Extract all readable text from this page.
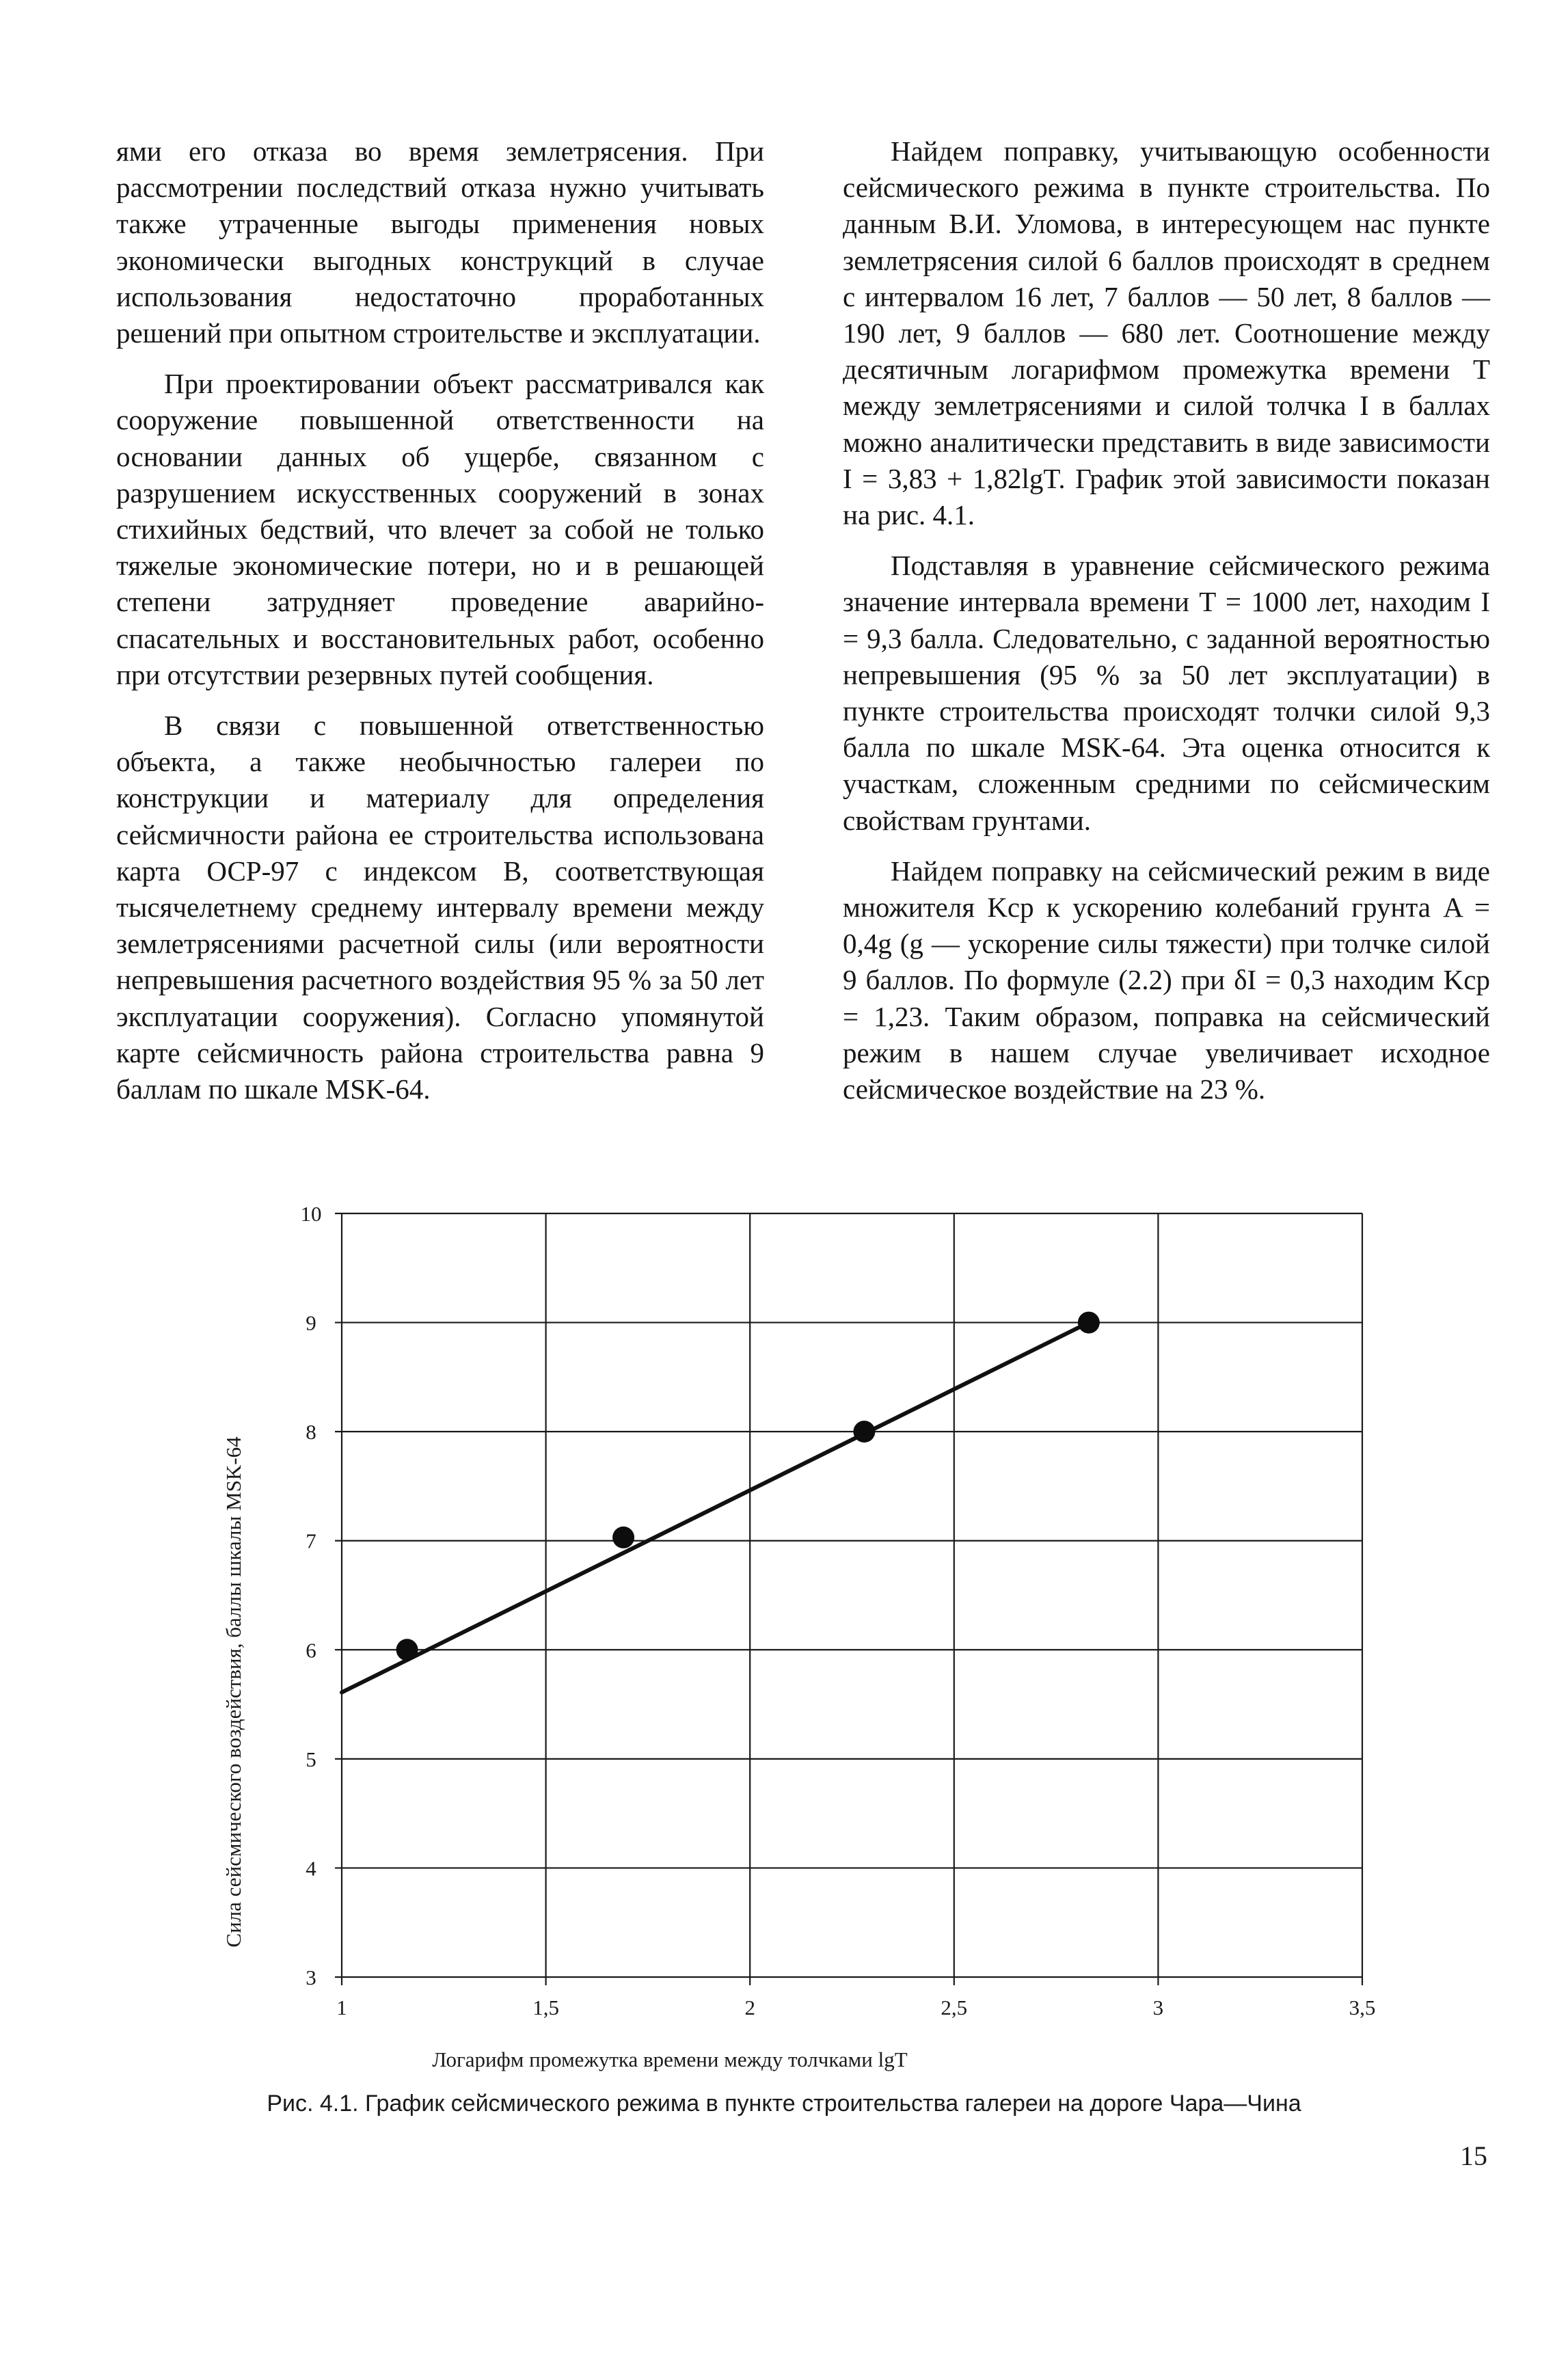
ями его отказа во время землетрясения. При рассмотрении последствий отказа нужно учитывать также утраченные выгоды применения новых экономически выгодных конструкций в случае использования недостаточно проработанных решений при опытном строительстве и эксплуатации.

При проектировании объект рассматривался как сооружение повышенной ответственности на основании данных об ущербе, связанном с разрушением искусственных сооружений в зонах стихийных бедствий, что влечет за собой не только тяжелые экономические потери, но и в решающей степени затрудняет проведение аварийно-спасательных и восстановительных работ, особенно при отсутствии резервных путей сообщения.

В связи с повышенной ответственностью объекта, а также необычностью галереи по конструкции и материалу для определения сейсмичности района ее строительства использована карта ОСР-97 с индексом В, соответствующая тысячелетнему среднему интервалу времени между землетрясениями расчетной силы (или вероятности непревышения расчетного воздействия 95 % за 50 лет эксплуатации сооружения). Согласно упомянутой карте сейсмичность района строительства равна 9 баллам по шкале MSK-64.

Найдем поправку, учитывающую особенности сейсмического режима в пункте строительства. По данным В.И. Уломова, в интересующем нас пункте землетрясения силой 6 баллов происходят в среднем с интервалом 16 лет, 7 баллов — 50 лет, 8 баллов — 190 лет, 9 баллов — 680 лет. Соотношение между десятичным логарифмом промежутка времени T между землетрясениями и силой толчка I в баллах можно аналитически представить в виде зависимости I = 3,83 + 1,82lgT. График этой зависимости показан на рис. 4.1.

Подставляя в уравнение сейсмического режима значение интервала времени T = 1000 лет, находим I = 9,3 балла. Следовательно, с заданной вероятностью непревышения (95 % за 50 лет эксплуатации) в пункте строительства происходят толчки силой 9,3 балла по шкале MSK-64. Эта оценка относится к участкам, сложенным средними по сейсмическим свойствам грунтами.

Найдем поправку на сейсмический режим в виде множителя Kср к ускорению колебаний грунта A = 0,4g (g — ускорение силы тяжести) при толчке силой 9 баллов. По формуле (2.2) при δI = 0,3 находим Kср = 1,23. Таким образом, поправка на сейсмический режим в нашем случае увеличивает исходное сейсмическое воздействие на 23 %.

3
4
5
6
7
8
9
10
1	1,5	2	2,5	3	3,5
Логарифм промежутка времени между толчками lgT
Сила сейсмического воздействия, баллы шкалы MSK-64
Рис. 4.1. График сейсмического режима в пункте строительства галереи на дороге Чара—Чина
15
